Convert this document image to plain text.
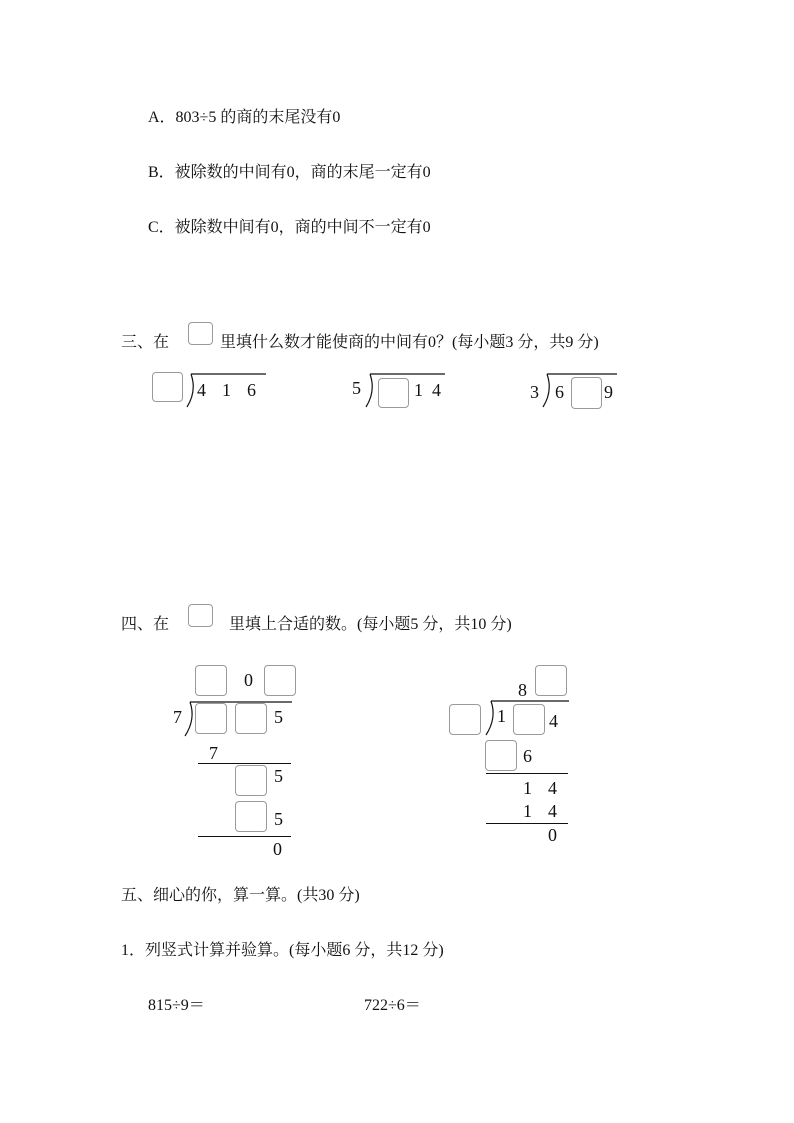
A．803÷5 的商的末尾没有0
B．被除数的中间有0，商的末尾一定有0
C．被除数中间有0，商的中间不一定有0
三、在	里填什么数才能使商的中间有0？(每小题3 分，共9 分)
4 1 6	5	1 4	3 6 9
四、在	里填上合适的数。(每小题5 分，共10 分)
0
7	5
7
5
5
0
8
1 4
6
1 4
1 4
0
五、细心的你，算一算。(共30 分)
1．列竖式计算并验算。(每小题6 分，共12 分)
815÷9＝	722÷6＝
